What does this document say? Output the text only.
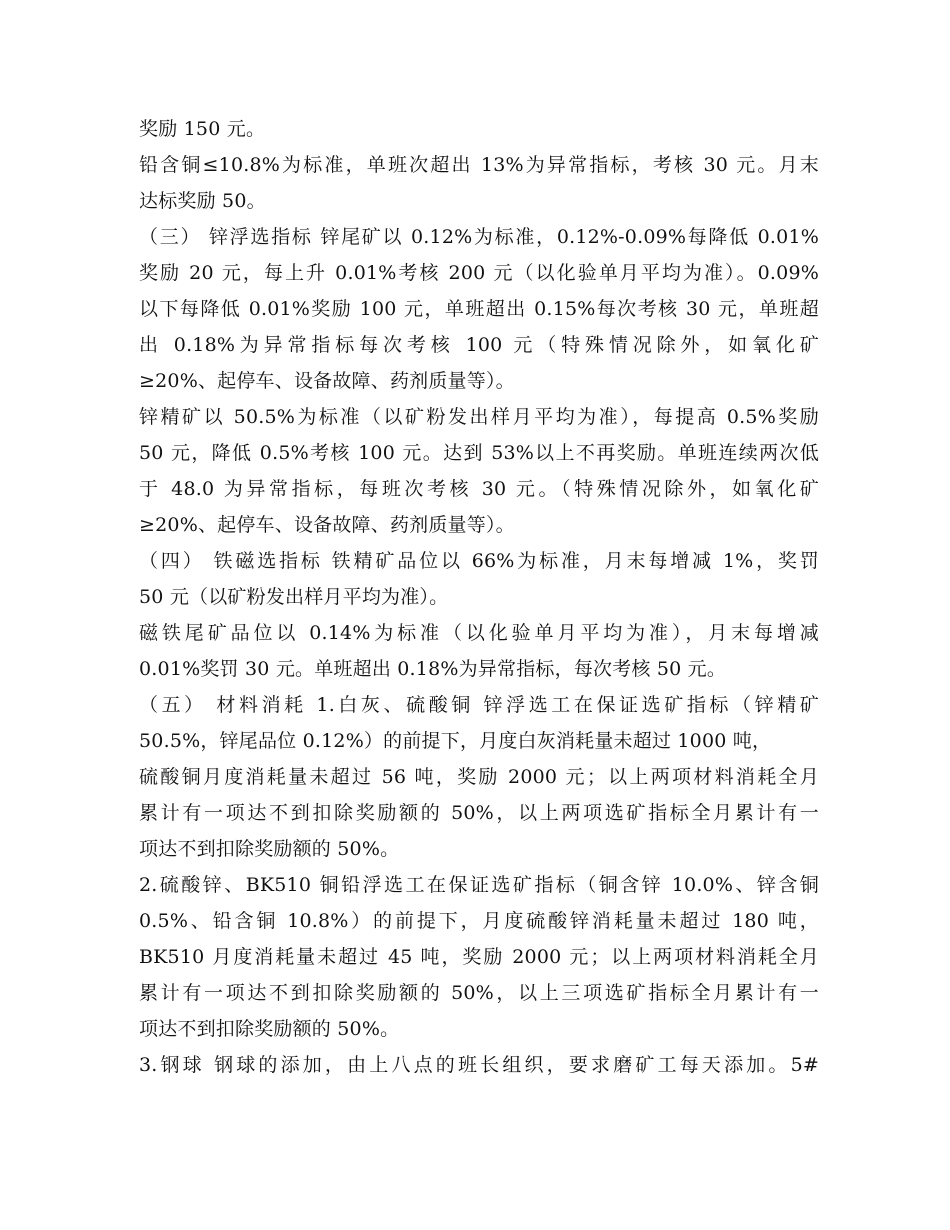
奖励 150 元。
铅含铜≤10.8%为标准，单班次超出 13%为异常指标，考核 30 元。月末
达标奖励 50。
（三） 锌浮选指标 锌尾矿以 0.12%为标准，0.12%-0.09%每降低 0.01%
奖励 20 元，每上升 0.01%考核 200 元（以化验单月平均为准）。0.09%
以下每降低 0.01%奖励 100 元，单班超出 0.15%每次考核 30 元，单班超
出 0.18%为异常指标每次考核 100 元（特殊情况除外，如氧化矿
≥20%、起停车、设备故障、药剂质量等）。
锌精矿以 50.5%为标准（以矿粉发出样月平均为准），每提高 0.5%奖励
50 元，降低 0.5%考核 100 元。达到 53%以上不再奖励。单班连续两次低
于 48.0 为异常指标，每班次考核 30 元。（特殊情况除外，如氧化矿
≥20%、起停车、设备故障、药剂质量等）。
（四） 铁磁选指标 铁精矿品位以 66%为标准，月末每增减 1%，奖罚
50 元（以矿粉发出样月平均为准）。
磁铁尾矿品位以 0.14%为标准（以化验单月平均为准），月末每增减
0.01%奖罚 30 元。单班超出 0.18%为异常指标，每次考核 50 元。
（五） 材料消耗 1.白灰、硫酸铜 锌浮选工在保证选矿指标（锌精矿
50.5%，锌尾品位 0.12%）的前提下，月度白灰消耗量未超过 1000 吨，
硫酸铜月度消耗量未超过 56 吨，奖励 2000 元；以上两项材料消耗全月
累计有一项达不到扣除奖励额的 50%，以上两项选矿指标全月累计有一
项达不到扣除奖励额的 50%。
2.硫酸锌、BK510 铜铅浮选工在保证选矿指标（铜含锌 10.0%、锌含铜
0.5%、铅含铜 10.8%）的前提下，月度硫酸锌消耗量未超过 180 吨，
BK510 月度消耗量未超过 45 吨，奖励 2000 元；以上两项材料消耗全月
累计有一项达不到扣除奖励额的 50%，以上三项选矿指标全月累计有一
项达不到扣除奖励额的 50%。
3.钢球 钢球的添加，由上八点的班长组织，要求磨矿工每天添加。5#
